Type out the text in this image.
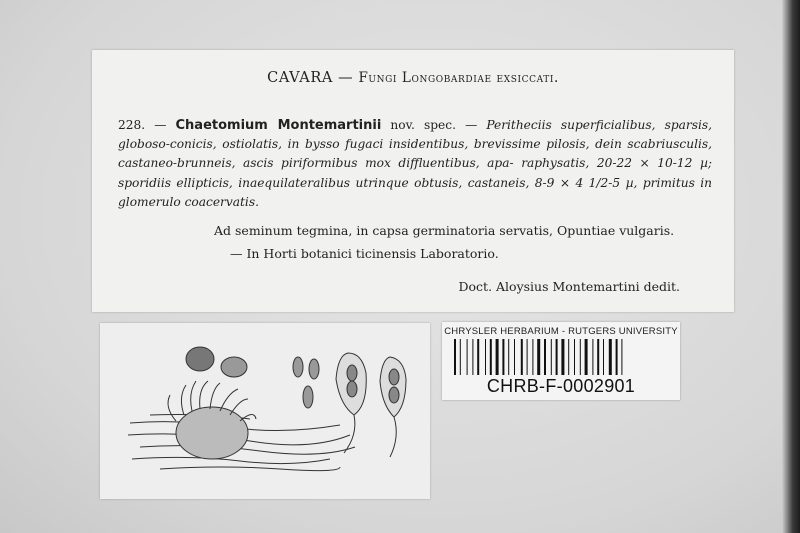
CAVARA — Fungi Longobardiae exsiccati.
228. — Chaetomium Montemartinii nov. spec. — Peritheciis superficialibus, sparsis, globoso-conicis, ostiolatis, in bysso fugaci insidentibus, brevissime pilosis, dein scabriusculis, castaneo-brunneis, ascis piriformibus mox diffluentibus, apa- raphysatis, 20-22 × 10-12 µ; sporidiis ellipticis, inaequilateralibus utrinque obtusis, castaneis, 8-9 × 4 1/2-5 µ, primitus in glomerulo coacervatis.
Ad seminum tegmina, in capsa germinatoria servatis, Opuntiae vulgaris.
— In Horti botanici ticinensis Laboratorio.
Doct. Aloysius Montemartini dedit.
CHRYSLER HERBARIUM - RUTGERS UNIVERSITY
CHRB-F-0002901
